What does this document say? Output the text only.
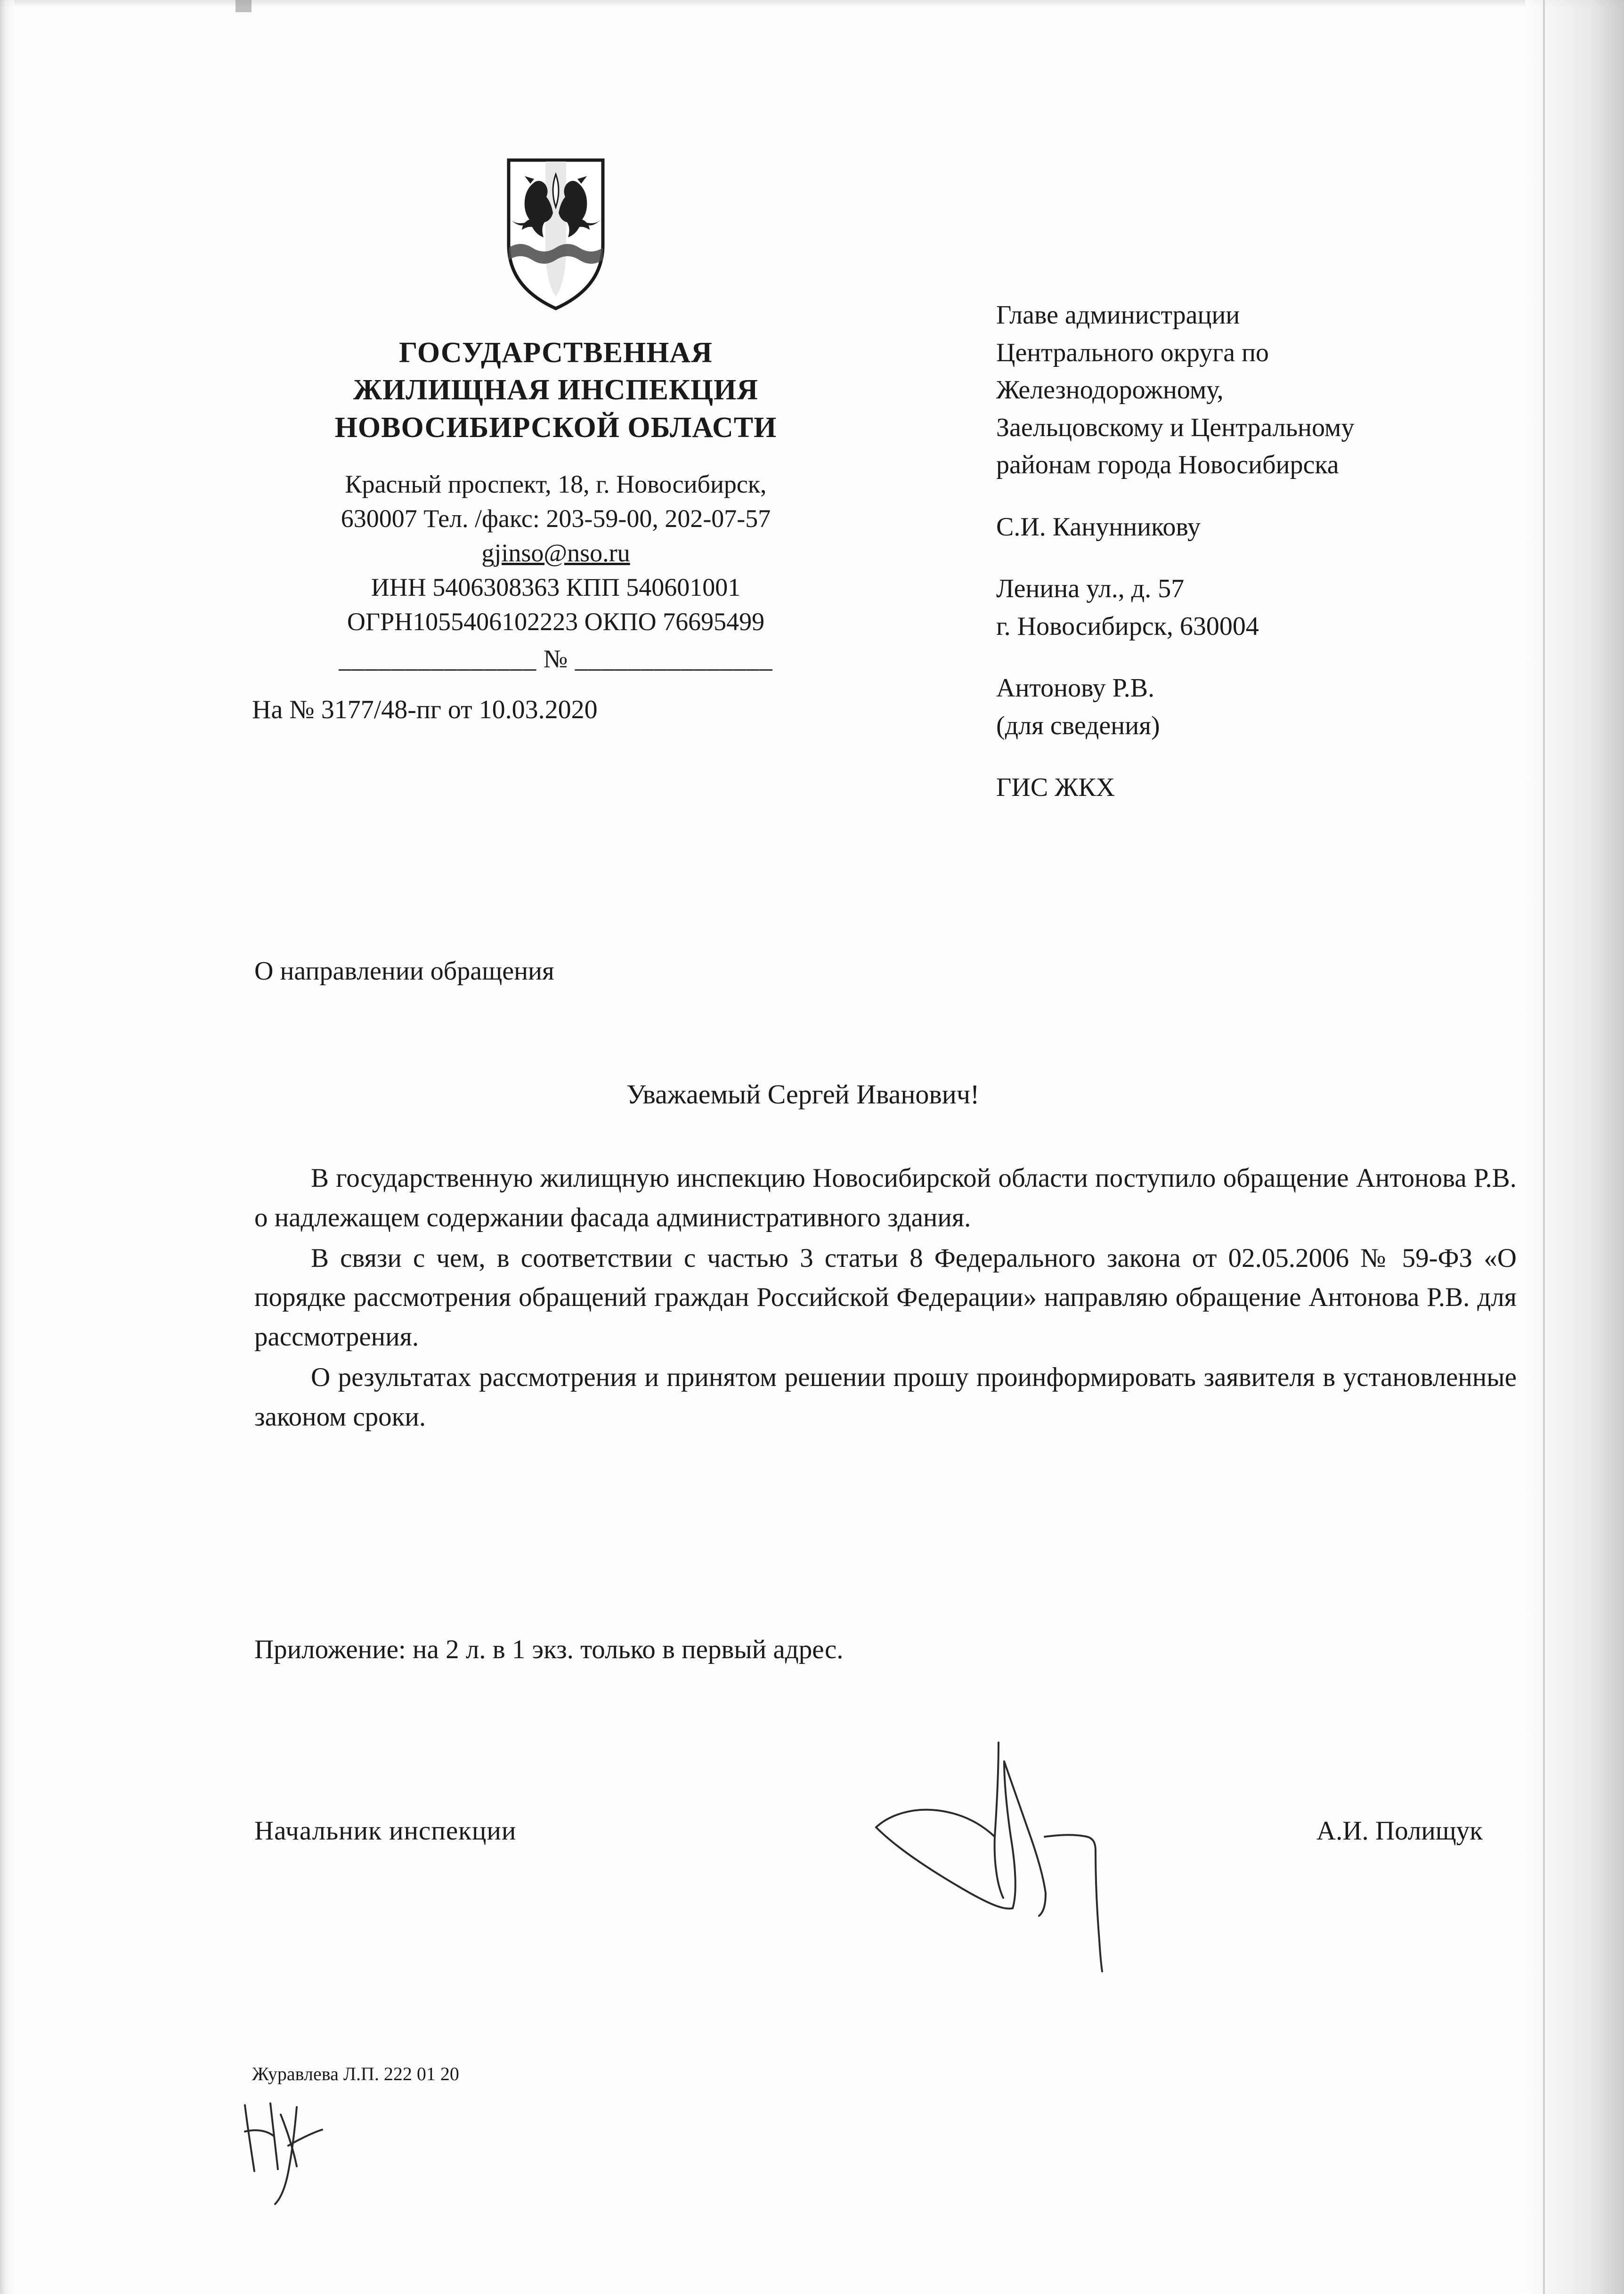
ГОСУДАРСТВЕННАЯ
ЖИЛИЩНАЯ ИНСПЕКЦИЯ
НОВОСИБИРСКОЙ ОБЛАСТИ
Красный проспект, 18, г. Новосибирск,
630007 Тел. /факс: 203-59-00, 202-07-57
gjinso@nso.ru
ИНН 5406308363 КПП 540601001
ОГРН1055406102223 ОКПО 76695499
_______________ № _______________
На № 3177/48-пг от 10.03.2020

Главе администрации

Центрального округа по

Железнодорожному,

Заельцовскому и Центральному

районам города Новосибирска

С.И. Канунникову

Ленина ул., д. 57

г. Новосибирск, 630004

Антонову Р.В.

(для сведения)

ГИС ЖКХ

О направлении обращения
Уважаемый Сергей Иванович!

В государственную жилищную инспекцию Новосибирской области поступило обращение Антонова Р.В. о надлежащем содержании фасада административного здания.

В связи с чем, в соответствии с частью 3 статьи 8 Федерального закона от 02.05.2006 № 59-ФЗ «О порядке рассмотрения обращений граждан Российской Федерации» направляю обращение Антонова Р.В. для рассмотрения.

О результатах рассмотрения и принятом решении прошу проинформировать заявителя в установленные законом сроки.

Приложение: на 2 л. в 1 экз. только в первый адрес.
Начальник инспекции	А.И. Полищук
Журавлева Л.П. 222 01 20
